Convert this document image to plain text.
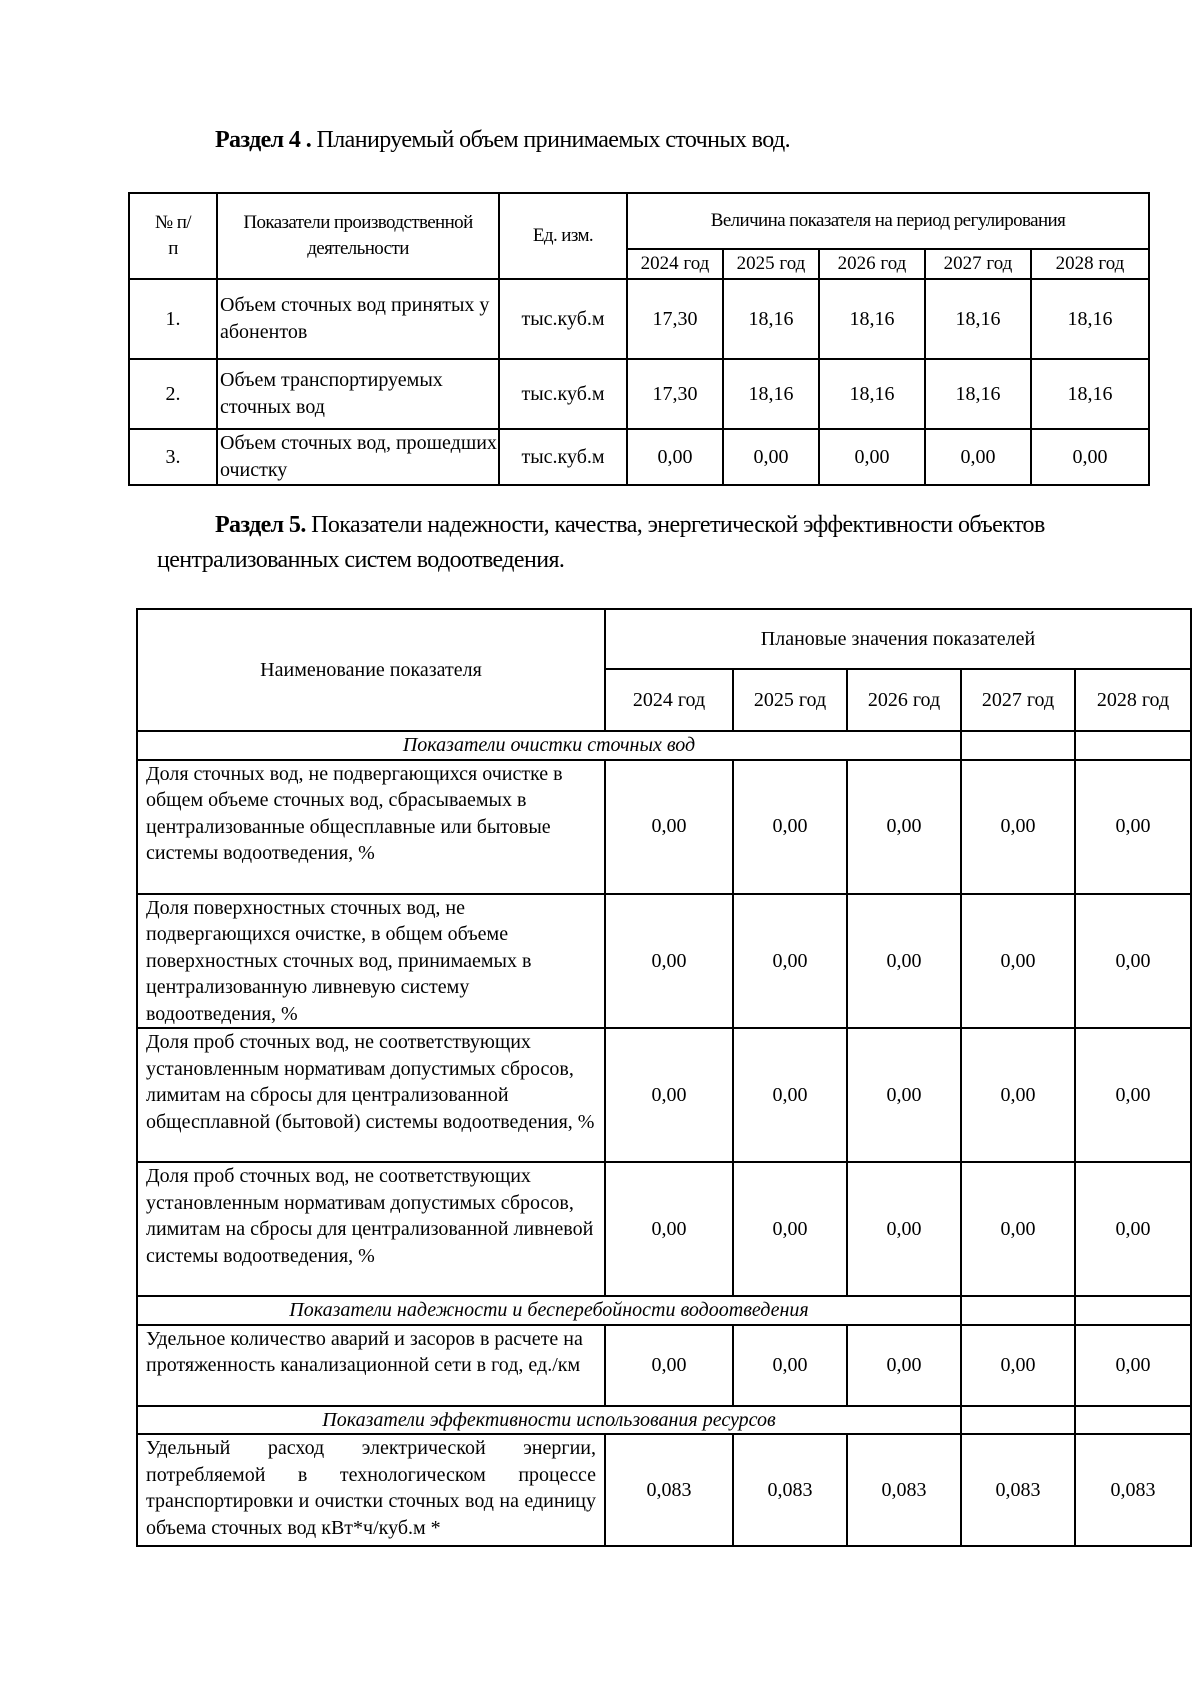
Раздел 4 . Планируемый объем принимаемых сточных вод.
№ п/п	Показатели производственной деятельности	Ед. изм.	Величина показателя на период регулирования				
			2024 год	2025 год	2026 год	2027 год	2028 год
1.	Объем сточных вод принятых у абонентов	тыс.куб.м	17,30	18,16	18,16	18,16	18,16
2.	Объем транспортируемых сточных вод	тыс.куб.м	17,30	18,16	18,16	18,16	18,16
3.	Объем сточных вод, прошедших очистку	тыс.куб.м	0,00	0,00	0,00	0,00	0,00
Раздел 5. Показатели надежности, качества, энергетической эффективности объектов централизованных систем водоотведения.
Наименование показателя	Плановые значения показателей				
	2024 год	2025 год	2026 год	2027 год	2028 год
Показатели очистки сточных вод					
Доля сточных вод, не подвергающихся очистке в общем объеме сточных вод, сбрасываемых в централизованные общесплавные или бытовые системы водоотведения, %	0,00	0,00	0,00	0,00	0,00
Доля поверхностных сточных вод, не подвергающихся очистке, в общем объеме поверхностных сточных вод, принимаемых в централизованную ливневую систему водоотведения, %	0,00	0,00	0,00	0,00	0,00
Доля проб сточных вод, не соответствующих установленным нормативам допустимых сбросов, лимитам на сбросы для централизованной общесплавной (бытовой) системы водоотведения, %	0,00	0,00	0,00	0,00	0,00
Доля проб сточных вод, не соответствующих установленным нормативам допустимых сбросов, лимитам на сбросы для централизованной ливневой системы водоотведения, %	0,00	0,00	0,00	0,00	0,00
Показатели надежности и бесперебойности водоотведения					
Удельное количество аварий и засоров в расчете на протяженность канализационной сети в год, ед./км	0,00	0,00	0,00	0,00	0,00
Показатели эффективности использования ресурсов					
Удельный расход электрической энергии, потребляемой в технологическом процессе транспортировки и очистки сточных вод на единицу объема сточных вод кВт*ч/куб.м *	0,083	0,083	0,083	0,083	0,083
